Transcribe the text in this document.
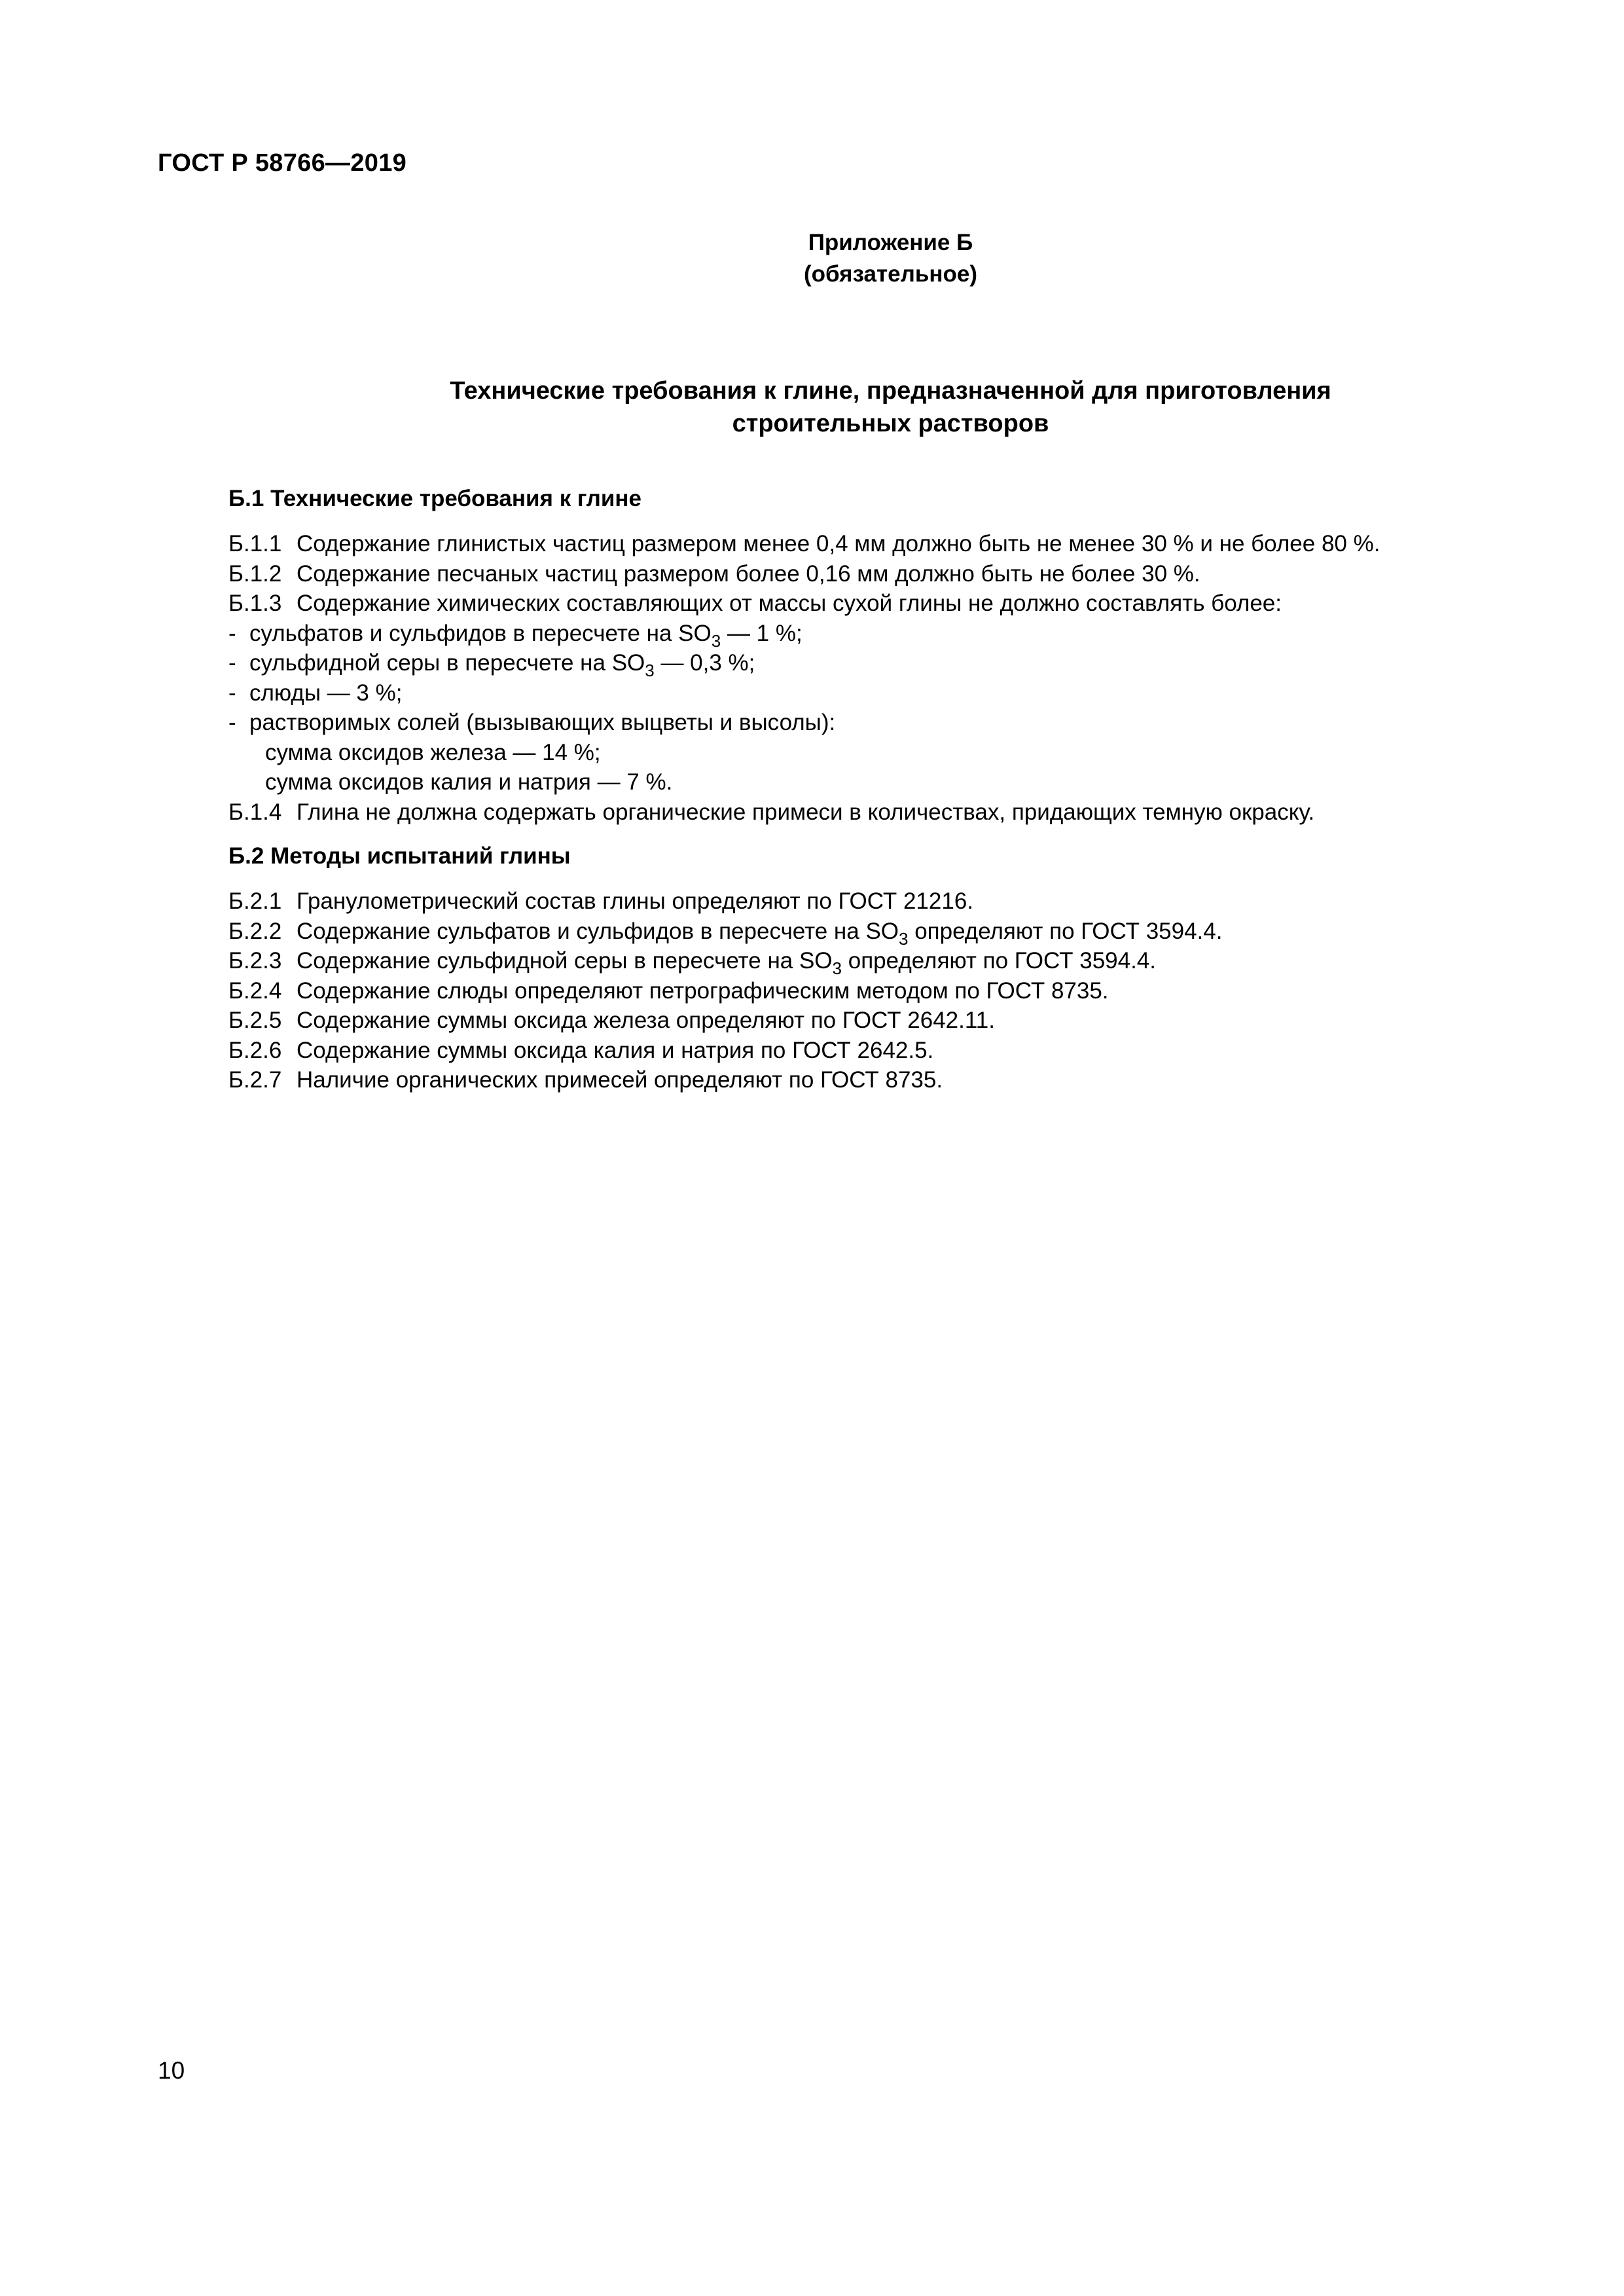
ГОСТ Р 58766—2019
Приложение Б
(обязательное)
Технические требования к глине, предназначенной для приготовления
строительных растворов
Б.1 Технические требования к глине
Б.1.1 Содержание глинистых частиц размером менее 0,4 мм должно быть не менее 30 % и не более 80 %.
Б.1.2 Содержание песчаных частиц размером более 0,16 мм должно быть не более 30 %.
Б.1.3 Содержание химических составляющих от массы сухой глины не должно составлять более:
- сульфатов и сульфидов в пересчете на $SO_3$ — 1 %;
- сульфидной серы в пересчете на $SO_3$ — 0,3 %;
- слюды — 3 %;
- растворимых солей (вызывающих выцветы и высолы):
сумма оксидов железа — 14 %;
сумма оксидов калия и натрия — 7 %.
Б.1.4 Глина не должна содержать органические примеси в количествах, придающих темную окраску.
Б.2 Методы испытаний глины
Б.2.1 Гранулометрический состав глины определяют по ГОСТ 21216.
Б.2.2 Содержание сульфатов и сульфидов в пересчете на $SO_3$ определяют по ГОСТ 3594.4.
Б.2.3 Содержание сульфидной серы в пересчете на $SO_3$ определяют по ГОСТ 3594.4.
Б.2.4 Содержание слюды определяют петрографическим методом по ГОСТ 8735.
Б.2.5 Содержание суммы оксида железа определяют по ГОСТ 2642.11.
Б.2.6 Содержание суммы оксида калия и натрия по ГОСТ 2642.5.
Б.2.7 Наличие органических примесей определяют по ГОСТ 8735.
10
